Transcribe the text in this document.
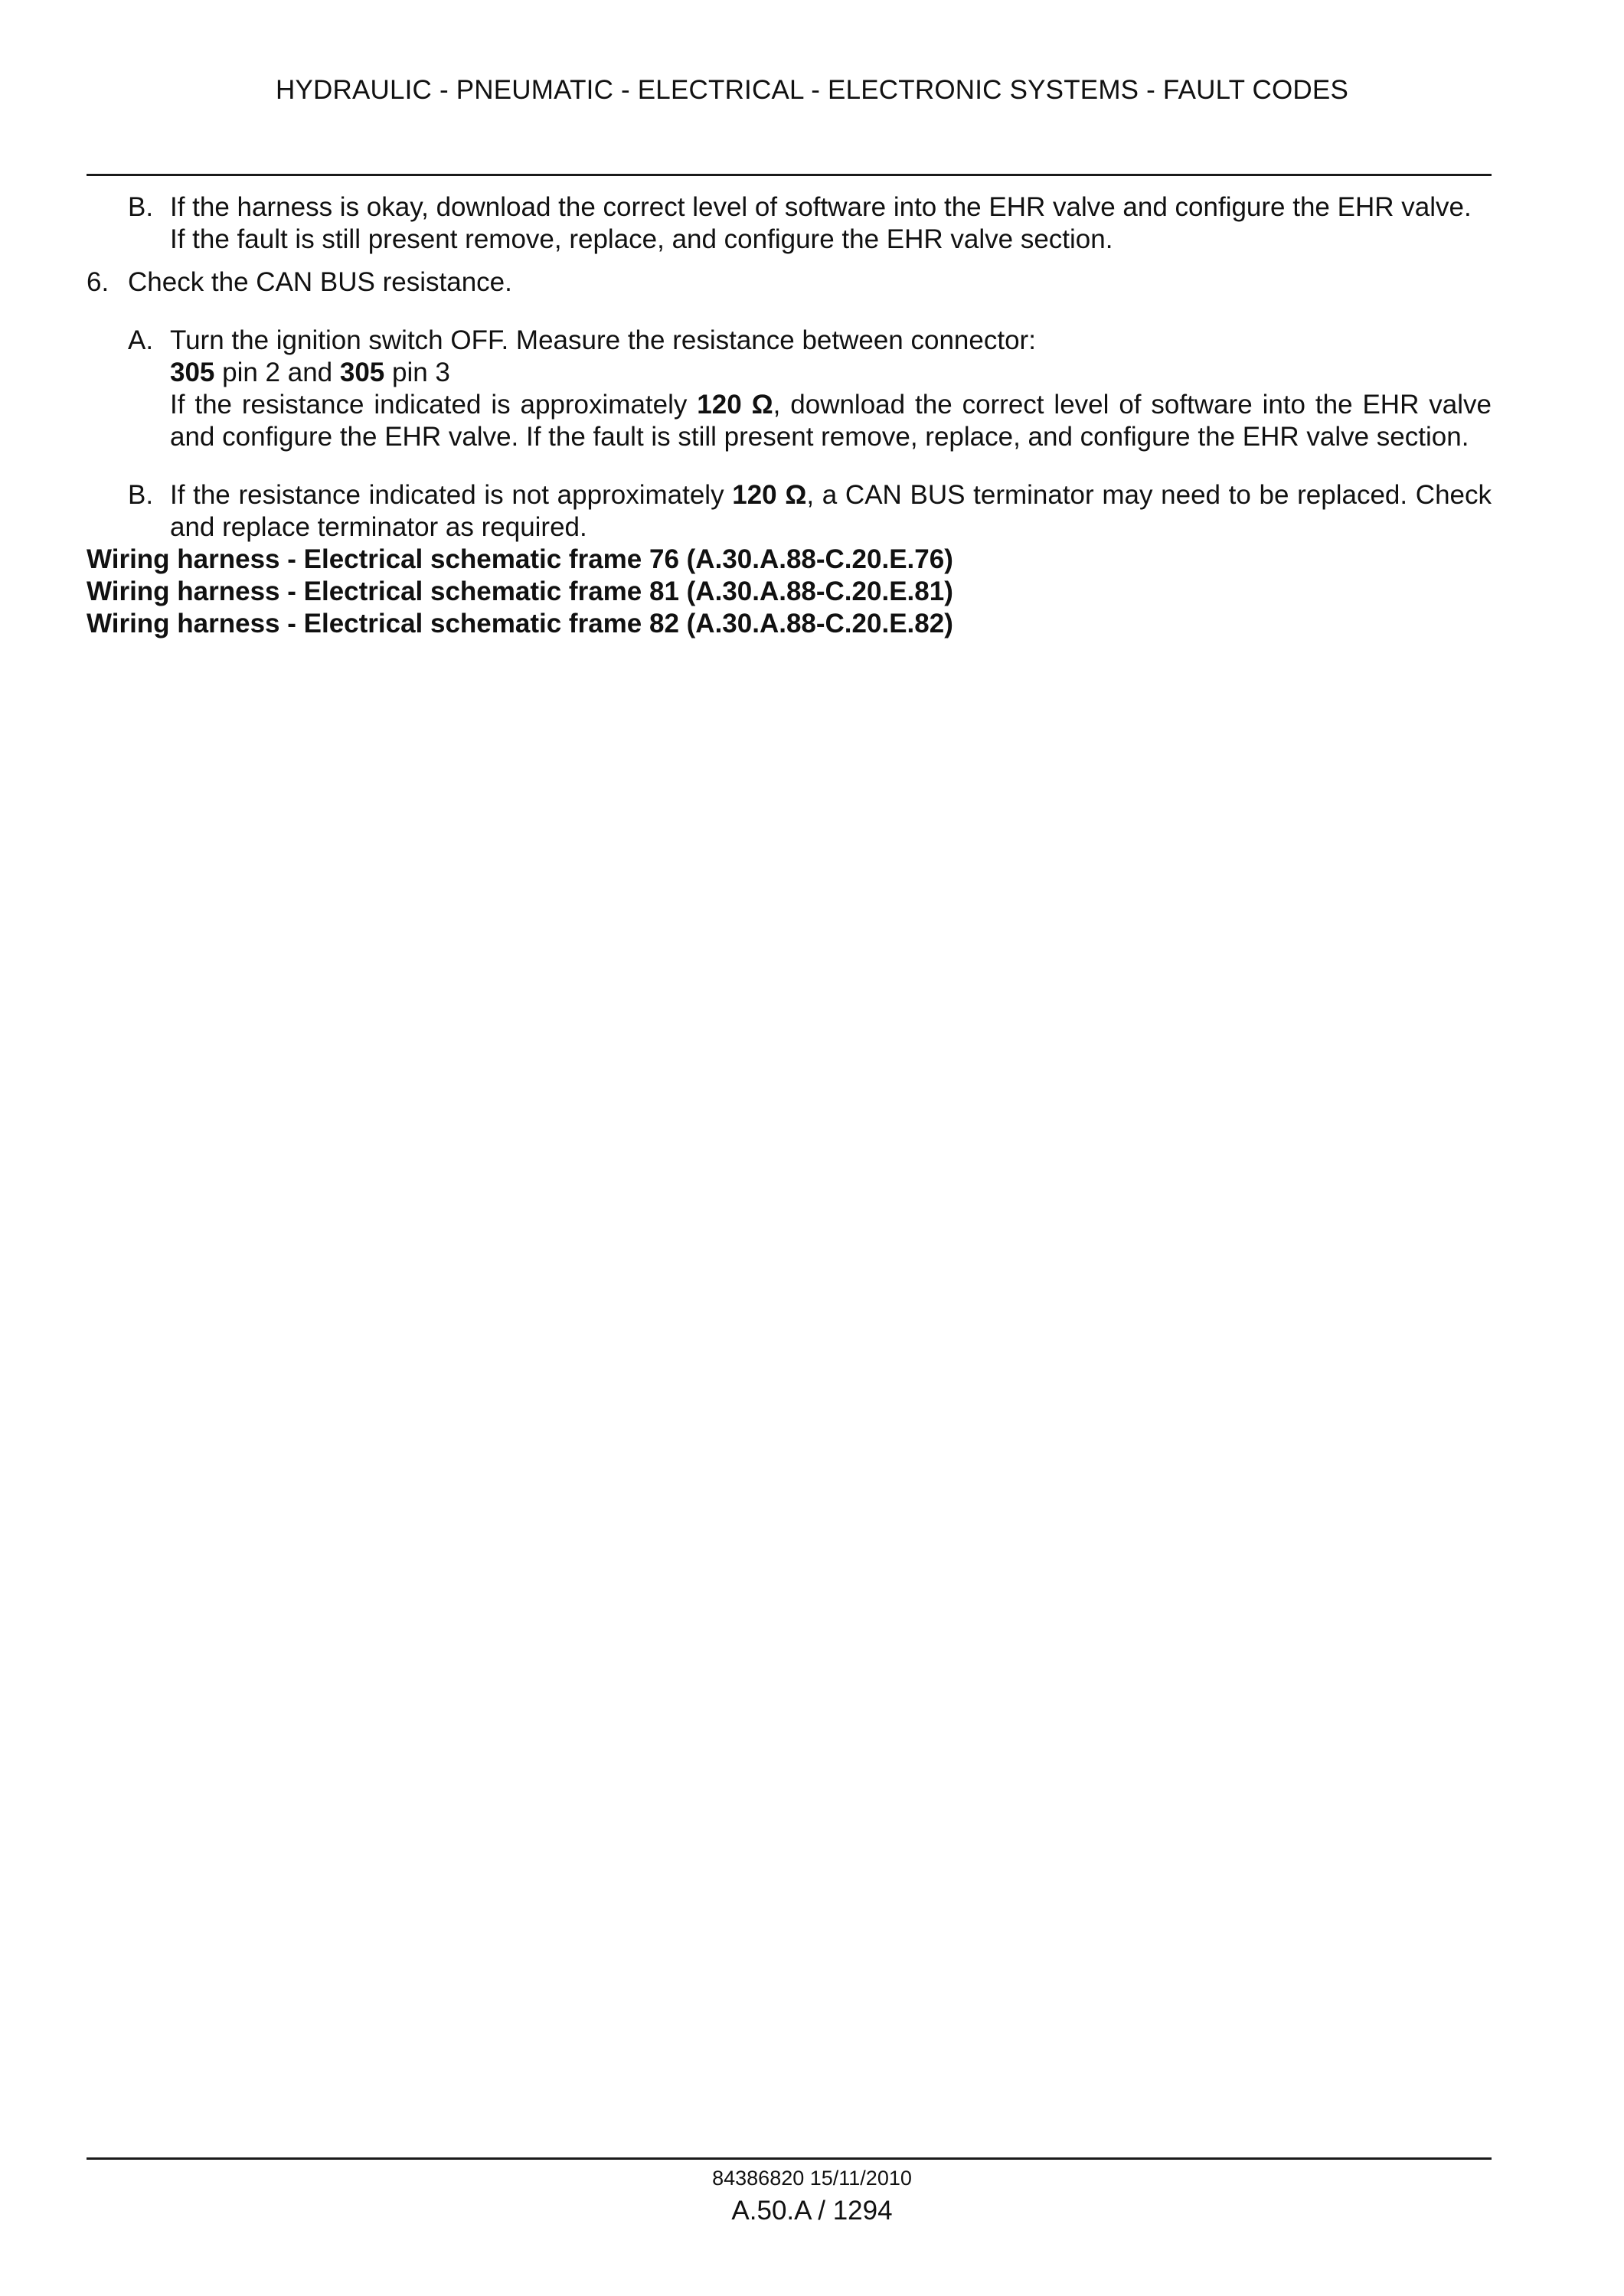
HYDRAULIC - PNEUMATIC - ELECTRICAL - ELECTRONIC SYSTEMS - FAULT CODES
B. If the harness is okay, download the correct level of software into the EHR valve and configure the EHR valve.
If the fault is still present remove, replace, and configure the EHR valve section.
6. Check the CAN BUS resistance.
A. Turn the ignition switch OFF. Measure the resistance between connector:
305 pin 2 and 305 pin 3
If the resistance indicated is approximately 120 Ω, download the correct level of software into the EHR valve and configure the EHR valve. If the fault is still present remove, replace, and configure the EHR valve section.
B. If the resistance indicated is not approximately 120 Ω, a CAN BUS terminator may need to be replaced. Check and replace terminator as required.
Wiring harness - Electrical schematic frame 76 (A.30.A.88-C.20.E.76)
Wiring harness - Electrical schematic frame 81 (A.30.A.88-C.20.E.81)
Wiring harness - Electrical schematic frame 82 (A.30.A.88-C.20.E.82)
84386820 15/11/2010
A.50.A / 1294
